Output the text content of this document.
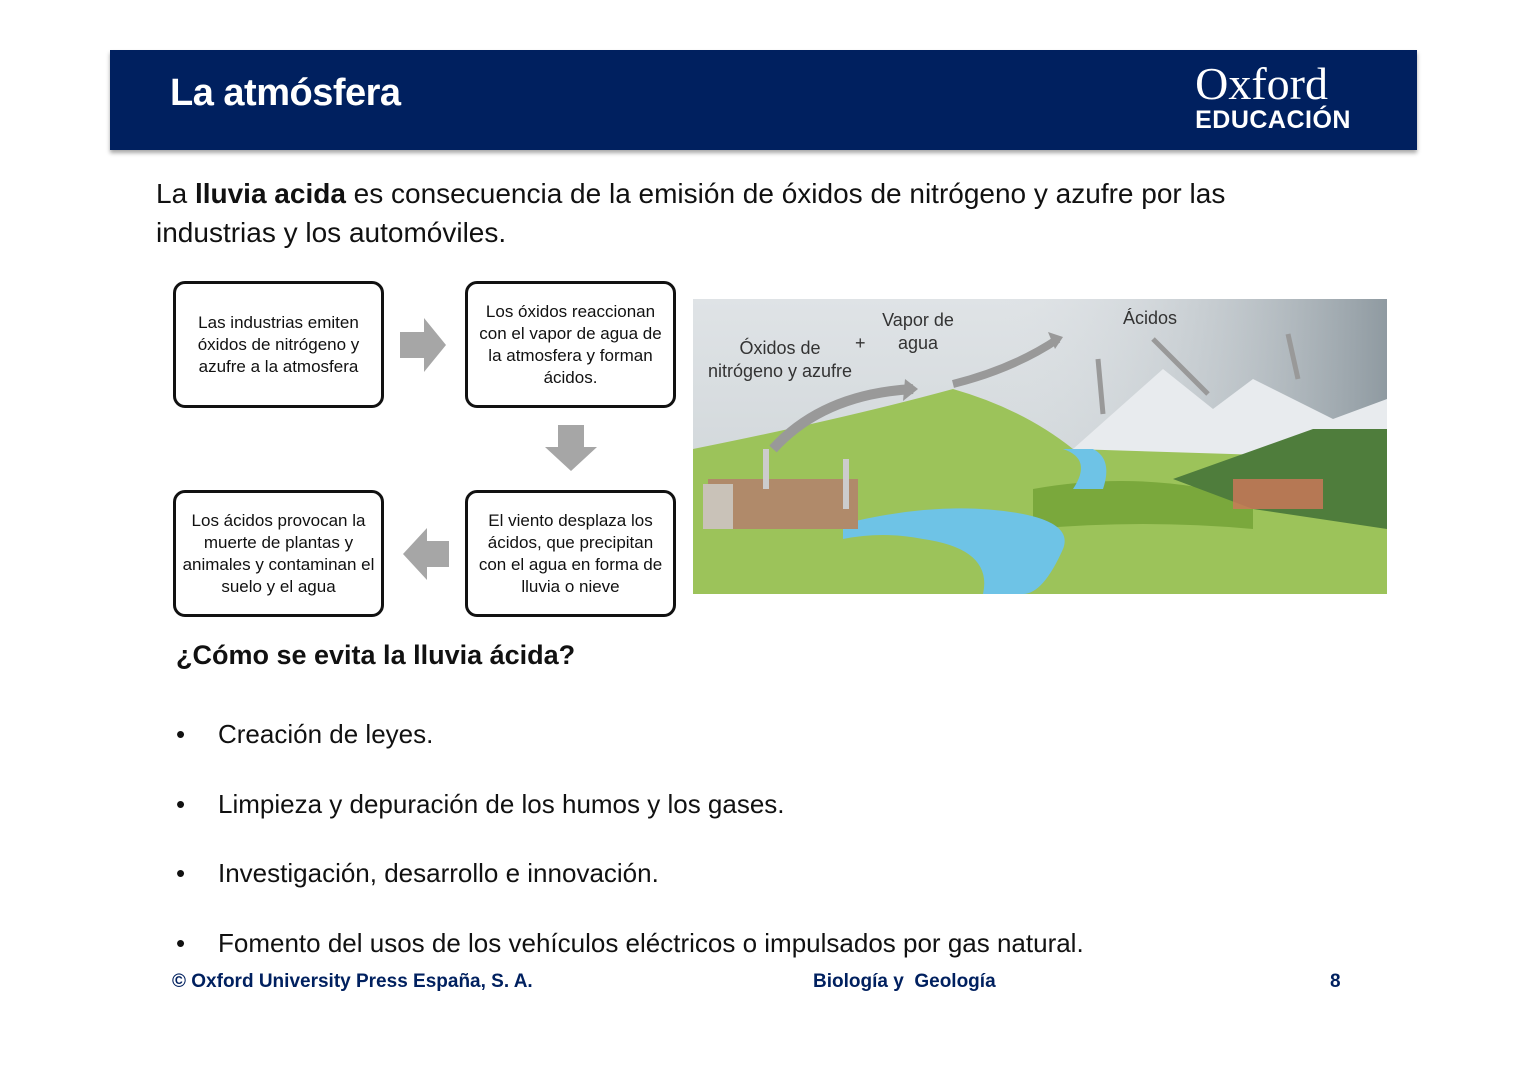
La atmósfera	Oxford
EDUCACIÓN

La lluvia acida es consecuencia de la emisión de óxidos de nitrógeno y azufre por las industrias y los automóviles.

Las industrias emiten óxidos de nitrógeno y azufre a la atmosfera
Los óxidos reaccionan con el vapor de agua de la atmosfera y forman ácidos.
El viento desplaza los ácidos, que precipitan con el agua en forma de lluvia o nieve
Los ácidos provocan la muerte de plantas y animales y contaminan el suelo y el agua
Óxidos de nitrógeno y azufre
+
Vapor de agua
Ácidos
¿Cómo se evita la lluvia ácida?
• Creación de leyes.
• Limpieza y depuración de los humos y los gases.
• Investigación, desarrollo e innovación.
• Fomento del usos de los vehículos eléctricos o impulsados por gas natural.
© Oxford University Press España, S. A.	Biología y  Geología	8
